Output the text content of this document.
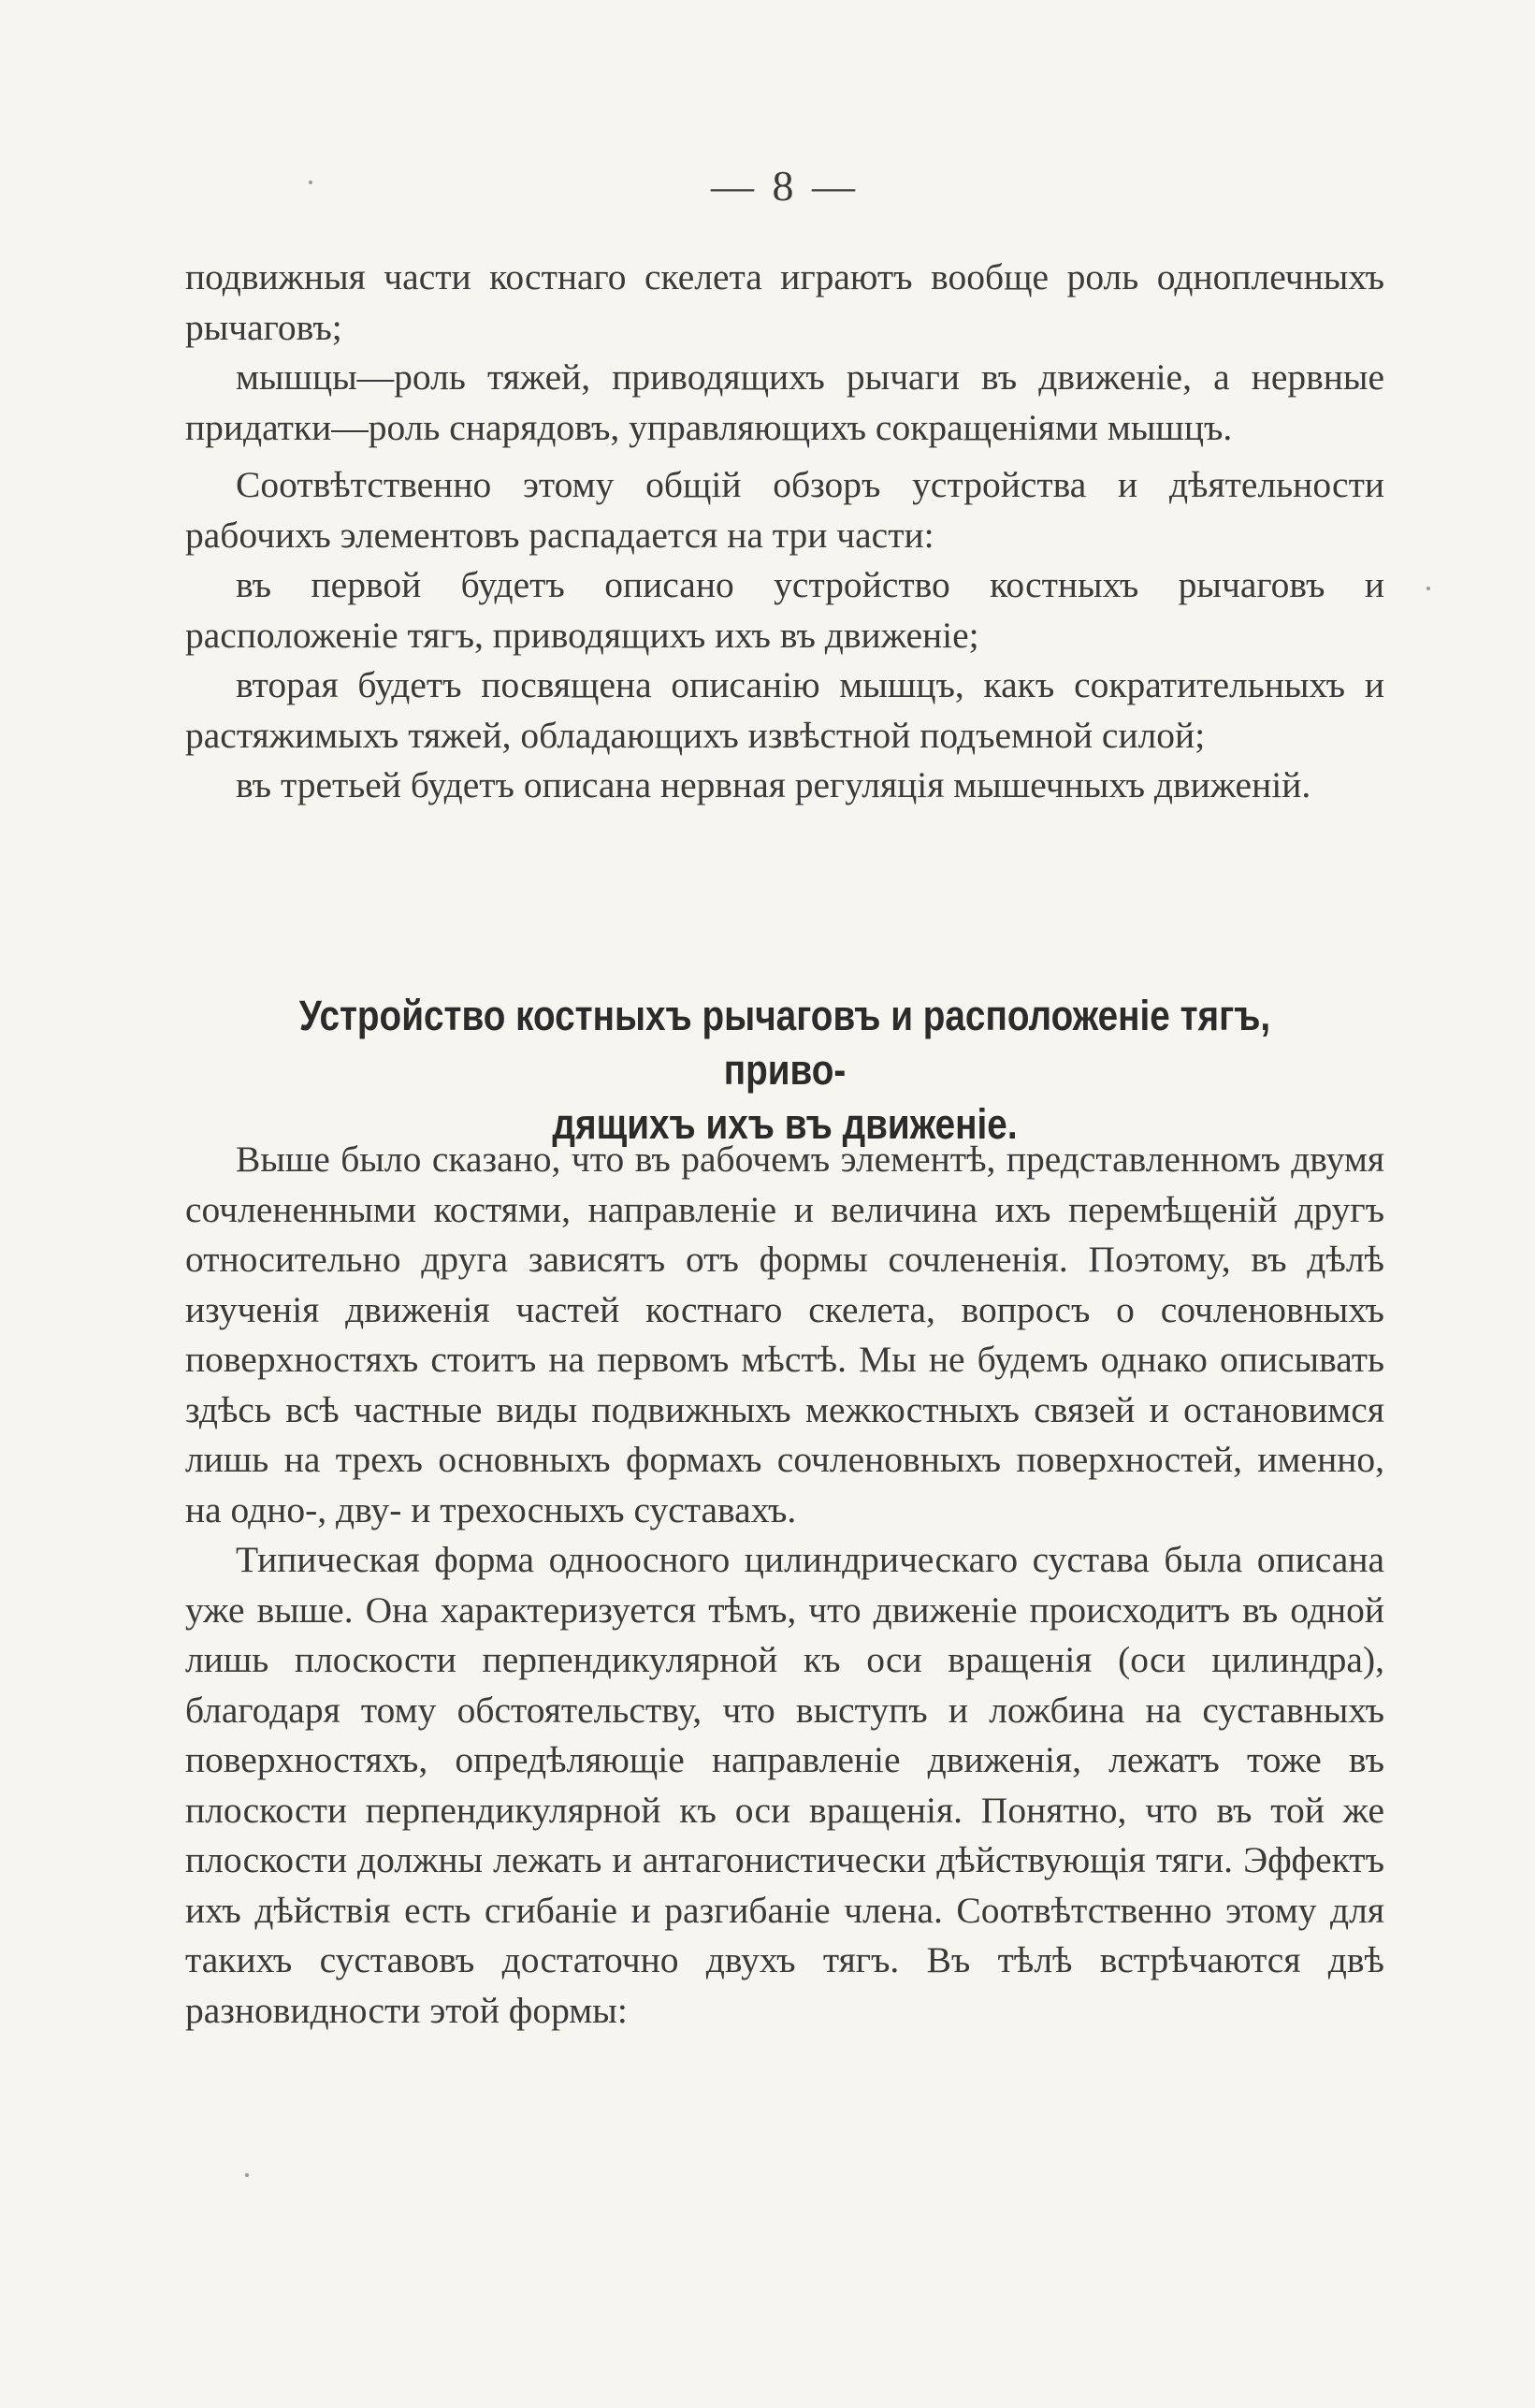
— 8 —

подвижныя части костнаго скелета играютъ вообще роль одноплечныхъ рычаговъ;

мышцы—роль тяжей, приводящихъ рычаги въ движеніе, а нервные придатки—роль снарядовъ, управляющихъ сокращеніями мышцъ.

Соотвѣтственно этому общій обзоръ устройства и дѣятельности рабочихъ элементовъ распадается на три части:

въ первой будетъ описано устройство костныхъ рычаговъ и расположеніе тягъ, приводящихъ ихъ въ движеніе;

вторая будетъ посвящена описанію мышцъ, какъ сократительныхъ и растяжимыхъ тяжей, обладающихъ извѣстной подъемной силой;

въ третьей будетъ описана нервная регуляція мышечныхъ движеній.

Устройство костныхъ рычаговъ и расположеніе тягъ, приво-
дящихъ ихъ въ движеніе.

Выше было сказано, что въ рабочемъ элементѣ, представленномъ двумя сочлененными костями, направленіе и величина ихъ перемѣщеній другъ относительно друга зависятъ отъ формы сочлененія. Поэтому, въ дѣлѣ изученія движенія частей костнаго скелета, вопросъ о сочленовныхъ поверхностяхъ стоитъ на первомъ мѣстѣ. Мы не будемъ однако описывать здѣсь всѣ частные виды подвижныхъ межкостныхъ связей и остановимся лишь на трехъ основныхъ формахъ сочленовныхъ поверхностей, именно, на одно-, дву- и трехосныхъ суставахъ.

Типическая форма одноосного цилиндрическаго сустава была описана уже выше. Она характеризуется тѣмъ, что движеніе происходитъ въ одной лишь плоскости перпендикулярной къ оси вращенія (оси цилиндра), благодаря тому обстоятельству, что выступъ и ложбина на суставныхъ поверхностяхъ, опредѣляющіе направленіе движенія, лежатъ тоже въ плоскости перпендикулярной къ оси вращенія. Понятно, что въ той же плоскости должны лежать и антагонистически дѣйствующія тяги. Эффектъ ихъ дѣйствія есть сгибаніе и разгибаніе члена. Соотвѣтственно этому для такихъ суставовъ достаточно двухъ тягъ. Въ тѣлѣ встрѣчаются двѣ разновидности этой формы:
